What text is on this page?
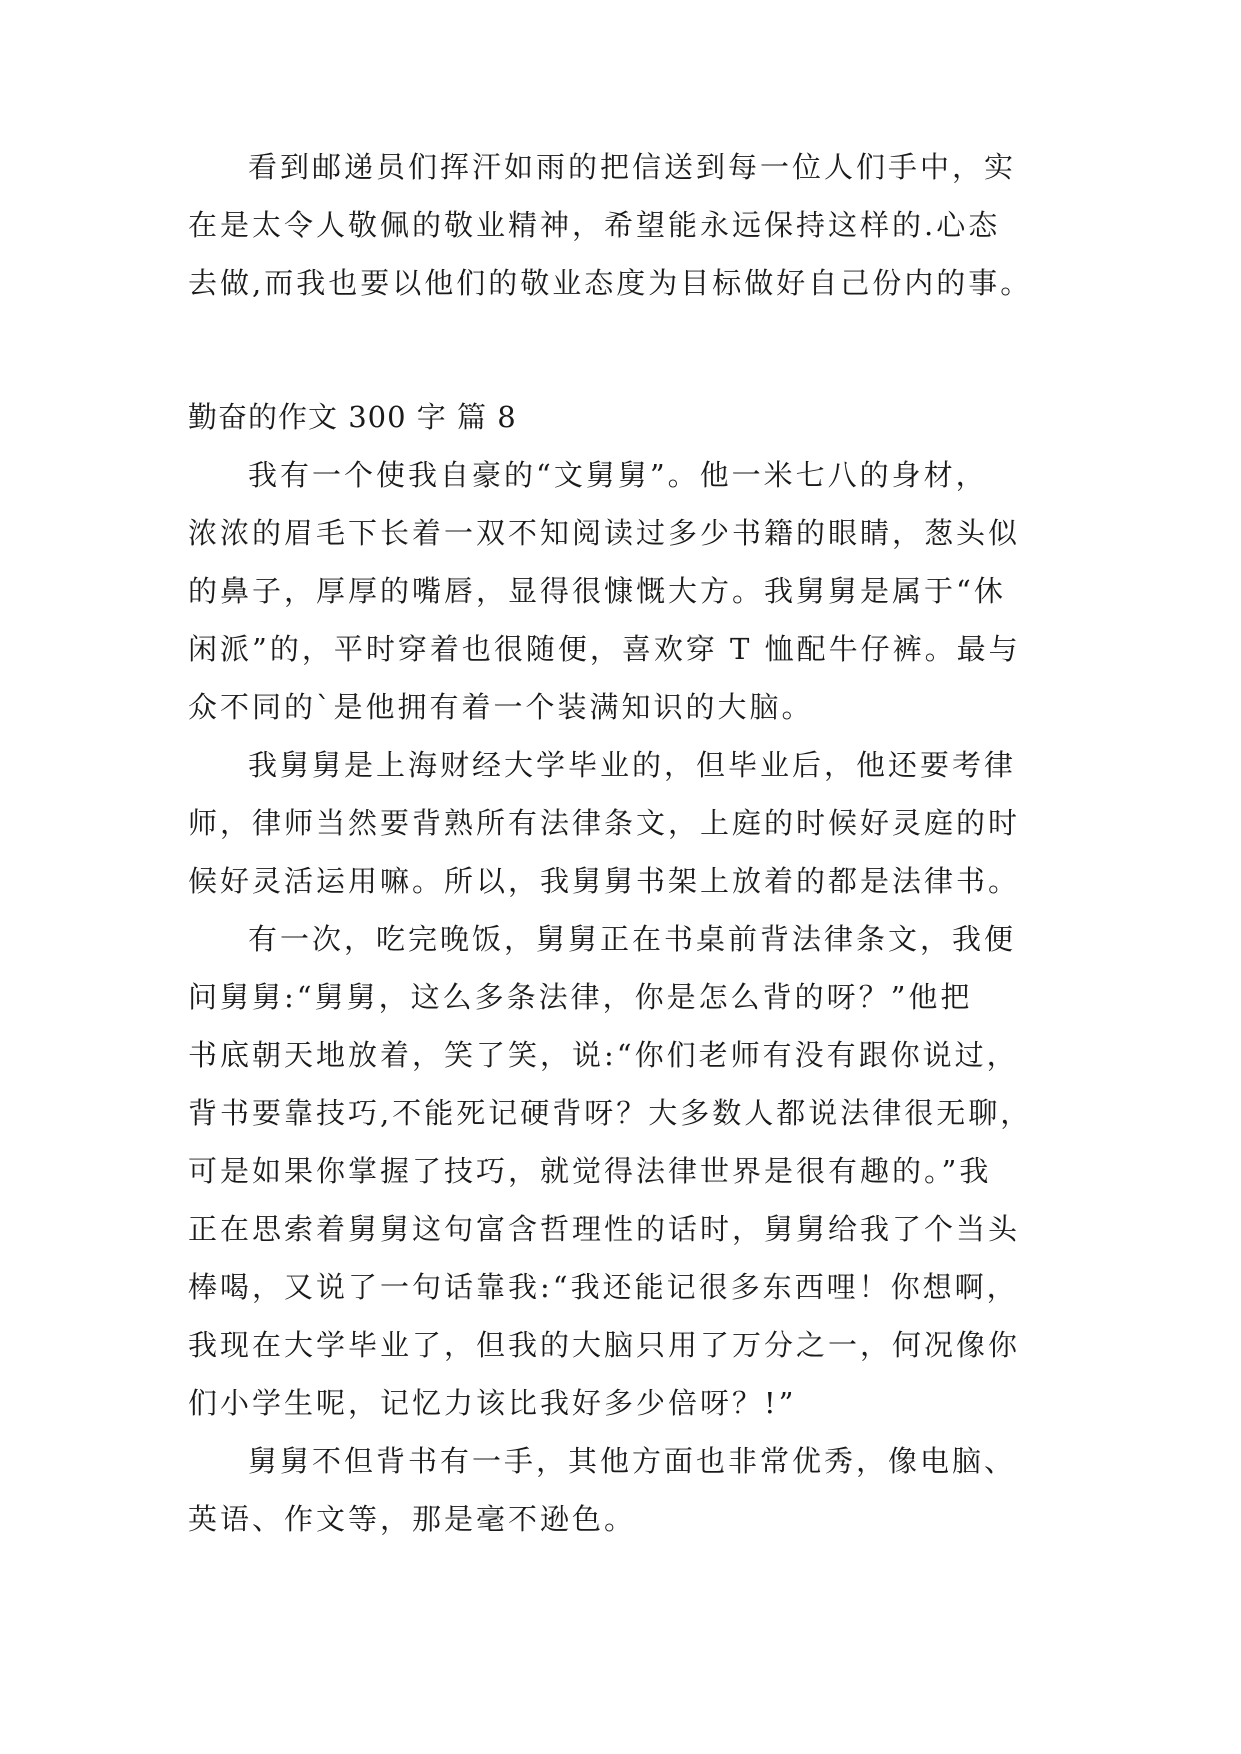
看到邮递员们挥汗如雨的把信送到每一位人们手中，实
在是太令人敬佩的敬业精神，希望能永远保持这样的.心态
去做,而我也要以他们的敬业态度为目标做好自己份内的事。
勤奋的作文 300 字 篇 8
我有一个使我自豪的“文舅舅”。他一米七八的身材，
浓浓的眉毛下长着一双不知阅读过多少书籍的眼睛，葱头似
的鼻子，厚厚的嘴唇，显得很慷慨大方。我舅舅是属于“休
闲派”的，平时穿着也很随便，喜欢穿 T 恤配牛仔裤。最与
众不同的`是他拥有着一个装满知识的大脑。
我舅舅是上海财经大学毕业的，但毕业后，他还要考律
师，律师当然要背熟所有法律条文，上庭的时候好灵庭的时
候好灵活运用嘛。所以，我舅舅书架上放着的都是法律书。
有一次，吃完晚饭，舅舅正在书桌前背法律条文，我便
问舅舅:“舅舅，这么多条法律，你是怎么背的呀？”他把
书底朝天地放着，笑了笑，说:“你们老师有没有跟你说过，
背书要靠技巧,不能死记硬背呀？大多数人都说法律很无聊，
可是如果你掌握了技巧，就觉得法律世界是很有趣的。”我
正在思索着舅舅这句富含哲理性的话时，舅舅给我了个当头
棒喝，又说了一句话靠我:“我还能记很多东西哩！你想啊，
我现在大学毕业了，但我的大脑只用了万分之一，何况像你
们小学生呢，记忆力该比我好多少倍呀？!”
舅舅不但背书有一手，其他方面也非常优秀，像电脑、
英语、作文等，那是毫不逊色。
